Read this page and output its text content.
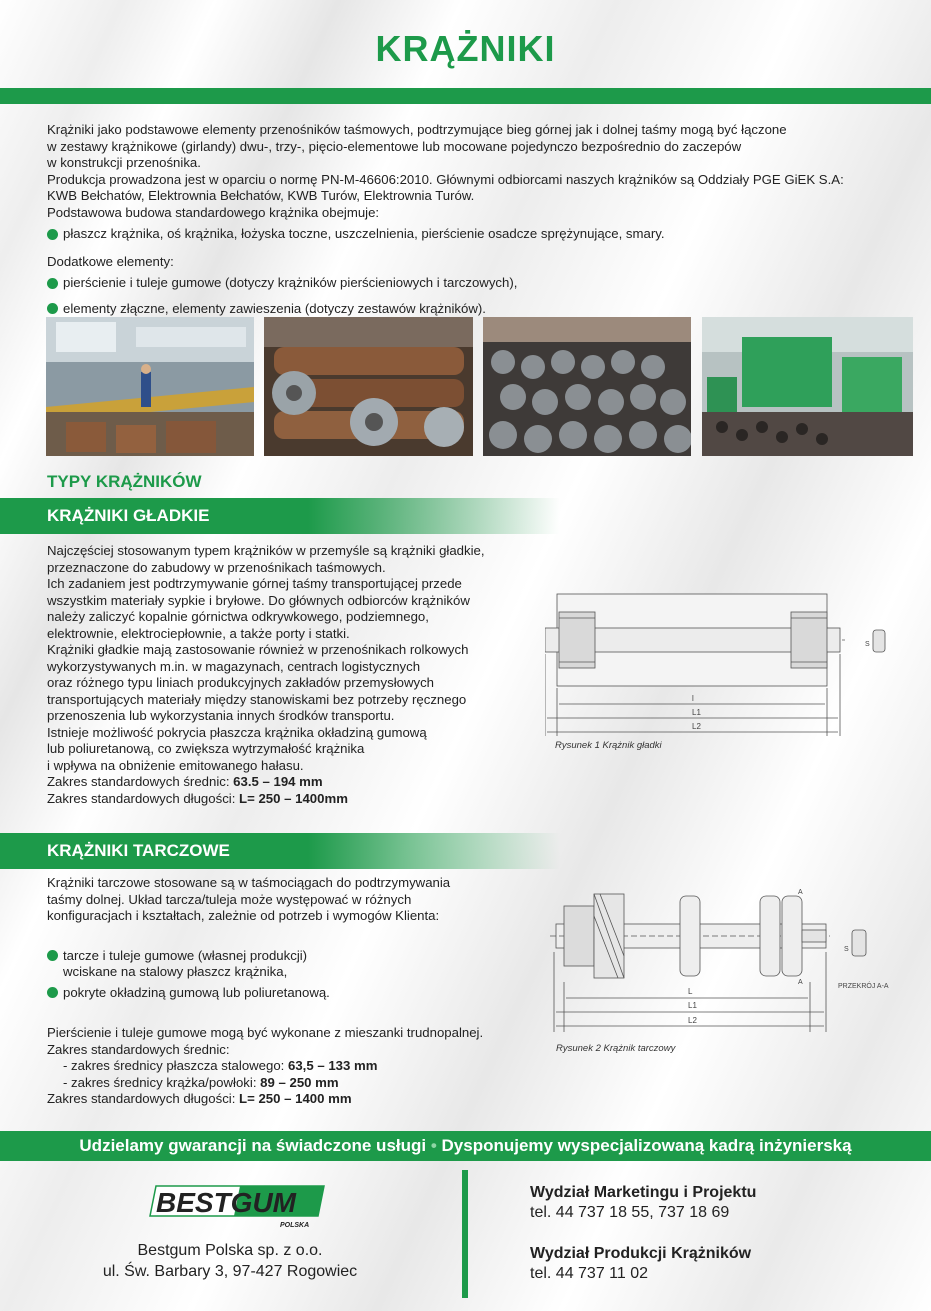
KRĄŻNIKI

Krążniki jako podstawowe elementy przenośników taśmowych, podtrzymujące bieg górnej jak i dolnej taśmy mogą być łączone

w zestawy krążnikowe (girlandy) dwu-, trzy-, pięcio-elementowe lub mocowane pojedynczo bezpośrednio do zaczepów

w konstrukcji przenośnika.

Produkcja prowadzona jest w oparciu o normę PN-M-46606:2010. Głównymi odbiorcami naszych krążników są Oddziały PGE GiEK S.A:

KWB Bełchatów, Elektrownia Bełchatów, KWB Turów, Elektrownia Turów.

Podstawowa budowa standardowego krążnika obejmuje:

płaszcz krążnika, oś krążnika, łożyska toczne, uszczelnienia, pierścienie osadcze sprężynujące, smary.

Dodatkowe elementy:

pierścienie i tuleje gumowe (dotyczy krążników pierścieniowych i tarczowych),
elementy złączne, elementy zawieszenia (dotyczy zestawów krążników).
TYPY KRĄŻNIKÓW
KRĄŻNIKI GŁADKIE

Najczęściej stosowanym typem krążników w przemyśle są krążniki gładkie,

przeznaczone do zabudowy w przenośnikach taśmowych.

Ich zadaniem jest podtrzymywanie górnej taśmy transportującej przede

wszystkim materiały sypkie i bryłowe. Do głównych odbiorców krążników

należy zaliczyć kopalnie górnictwa odkrywkowego, podziemnego,

elektrownie, elektrociepłownie, a także porty i statki.

Krążniki gładkie mają zastosowanie również w przenośnikach rolkowych

wykorzystywanych m.in. w magazynach, centrach logistycznych

oraz różnego typu liniach produkcyjnych zakładów przemysłowych

transportujących materiały między stanowiskami bez potrzeby ręcznego

przenoszenia lub wykorzystania innych środków transportu.

Istnieje możliwość pokrycia płaszcza krążnika okładziną gumową

lub poliuretanową, co zwiększa wytrzymałość krążnika

i wpływa na obniżenie emitowanego hałasu.

Zakres standardowych średnic: 63.5 – 194 mm

Zakres standardowych długości: L= 250 – 1400mm

l
L1
L2
S
Rysunek 1 Krążnik gładki
KRĄŻNIKI TARCZOWE

Krążniki tarczowe stosowane są w taśmociągach do podtrzymywania

taśmy dolnej. Układ tarcza/tuleja może występować w różnych

konfiguracjach i kształtach, zależnie od potrzeb i wymogów Klienta:

tarcze i tuleje gumowe (własnej produkcji)

wciskane na stalowy płaszcz krążnika,

pokryte okładziną gumową lub poliuretanową.

Pierścienie i tuleje gumowe mogą być wykonane z mieszanki trudnopalnej.

Zakres standardowych średnic:

- zakres średnicy płaszcza stalowego: 63,5 – 133 mm

- zakres średnicy krążka/powłoki: 89 – 250 mm

Zakres standardowych długości: L= 250 – 1400 mm

L
L1
L2
A
A
S
PRZEKRÓJ A-A
Rysunek 2 Krążnik tarczowy
Udzielamy gwarancji na świadczone usługi • Dysponujemy wyspecjalizowaną kadrą inżynierską
BESTGUM
POLSKA

Bestgum Polska sp. z o.o.

ul. Św. Barbary 3, 97-427 Rogowiec

Wydział Marketingu i Projektu

tel. 44 737 18 55, 737 18 69

Wydział Produkcji Krążników

tel. 44 737 11 02
